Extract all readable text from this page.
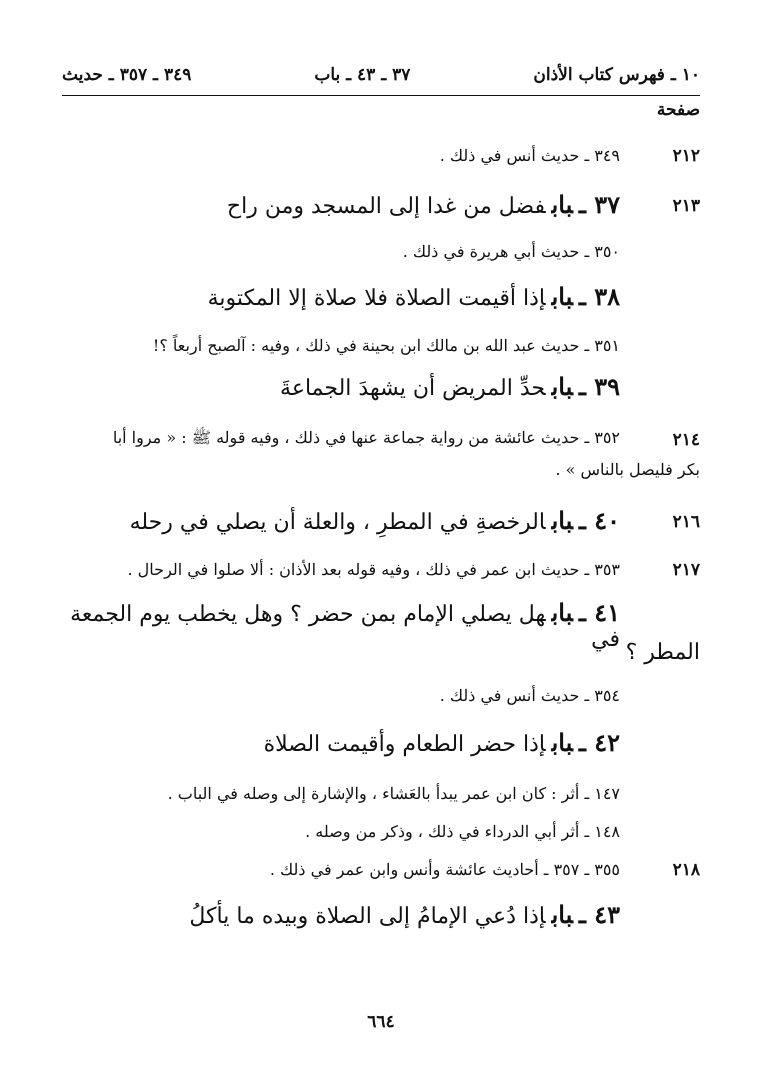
١٠ ـ فهرس كتاب الأذان
٣٧ ـ ٤٣ ـ باب
٣٤٩ ـ ٣٥٧ ـ حديث
صفحة
٢١٢
٣٤٩ ـ حديث أنس في ذلك .
٢١٣
٣٧ ـبابفضل من غدا إلى المسجد ومن راح
٣٥٠ ـ حديث أبي هريرة في ذلك .
٣٨ ـبابإذا أقيمت الصلاة فلا صلاة إلا المكتوبة
٣٥١ ـ حديث عبد الله بن مالك ابن بحينة في ذلك ، وفيه : آلصبح أربعاً ؟!
٣٩ ـبابحدِّ المريض أن يشهدَ الجماعةَ
٢١٤
٣٥٢ ـ حديث عائشة من رواية جماعة عنها في ذلك ، وفيه قوله ﷺ : « مروا أبا
بكر فليصل بالناس » .
٢١٦
٤٠ ـبابالرخصةِ في المطرِ ، والعلة أن يصلي في رحله
٢١٧
٣٥٣ ـ حديث ابن عمر في ذلك ، وفيه قوله بعد الأذان : ألا صلوا في الرحال .
٤١ ـبابهل يصلي الإمام بمن حضر ؟ وهل يخطب يوم الجمعة في
المطر ؟
٣٥٤ ـ حديث أنس في ذلك .
٤٢ ـبابإذا حضر الطعام وأقيمت الصلاة
١٤٧ ـ أثر : كان ابن عمر يبدأ بالعَشاء ، والإشارة إلى وصله في الباب .
١٤٨ ـ أثر أبي الدرداء في ذلك ، وذكر من وصله .
٢١٨
٣٥٥ ـ ٣٥٧ ـ أحاديث عائشة وأنس وابن عمر في ذلك .
٤٣ ـبابإذا دُعي الإمامُ إلى الصلاة وبيده ما يأكلُ
٦٦٤
